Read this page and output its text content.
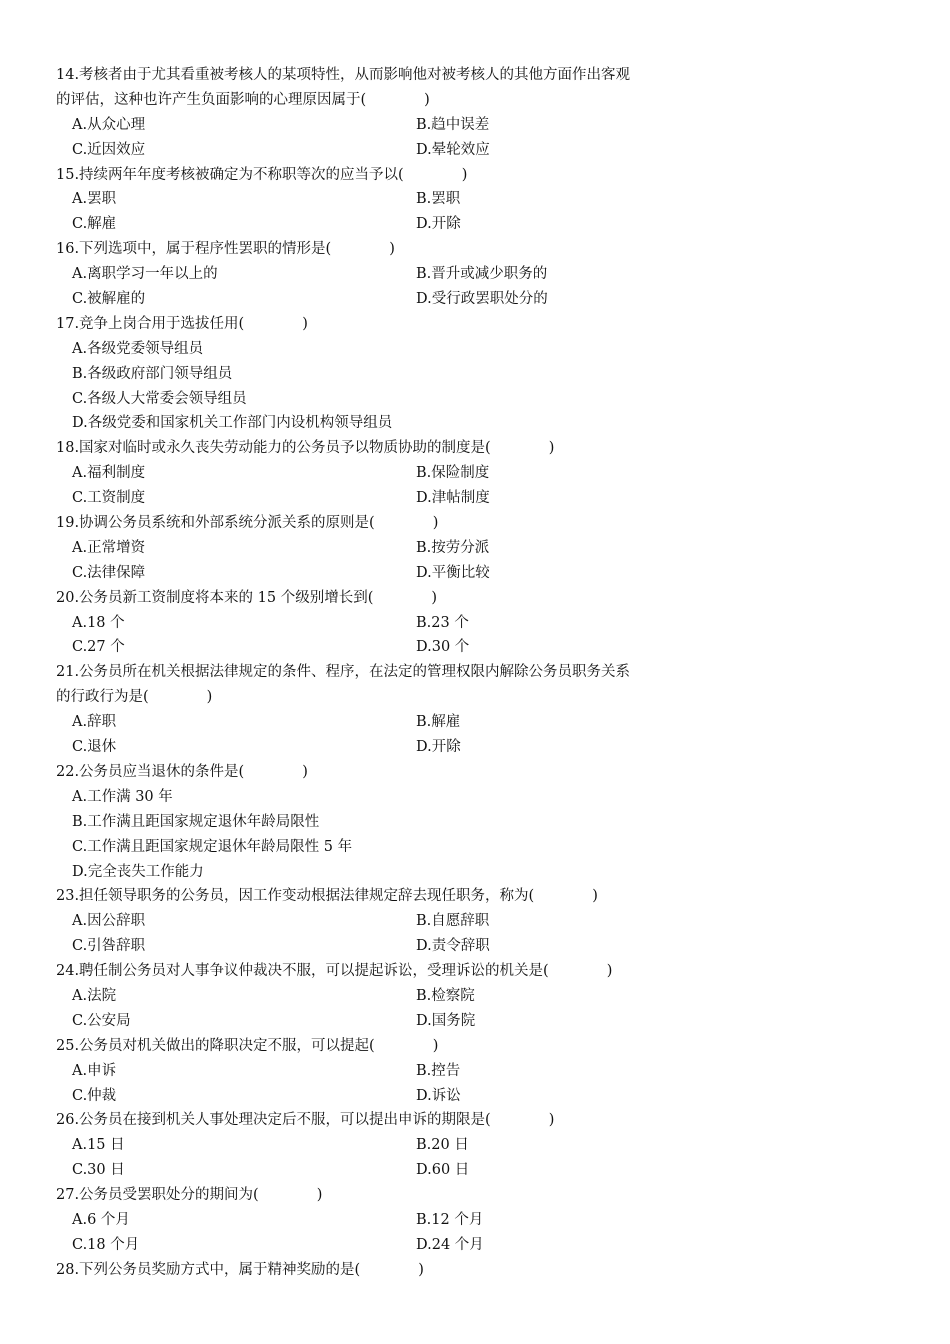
14.考核者由于尤其看重被考核人的某项特性，从而影响他对被考核人的其他方面作出客观
的评估，这种也许产生负面影响的心理原因属于(　　　　)
A.从众心理	B.趋中误差
C.近因效应	D.晕轮效应
15.持续两年年度考核被确定为不称职等次的应当予以(　　　　)
A.罢职	B.罢职
C.解雇	D.开除
16.下列选项中，属于程序性罢职的情形是(　　　　)
A.离职学习一年以上的	B.晋升或减少职务的
C.被解雇的	D.受行政罢职处分的
17.竞争上岗合用于选拔任用(　　　　)
A.各级党委领导组员
B.各级政府部门领导组员
C.各级人大常委会领导组员
D.各级党委和国家机关工作部门内设机构领导组员
18.国家对临时或永久丧失劳动能力的公务员予以物质协助的制度是(　　　　)
A.福利制度	B.保险制度
C.工资制度	D.津帖制度
19.协调公务员系统和外部系统分派关系的原则是(　　　　)
A.正常增资	B.按劳分派
C.法律保障	D.平衡比较
20.公务员新工资制度将本来的 15 个级别增长到(　　　　)
A.18 个	B.23 个
C.27 个	D.30 个
21.公务员所在机关根据法律规定的条件、程序，在法定的管理权限内解除公务员职务关系
的行政行为是(　　　　)
A.辞职	B.解雇
C.退休	D.开除
22.公务员应当退休的条件是(　　　　)
A.工作满 30 年
B.工作满且距国家规定退休年龄局限性
C.工作满且距国家规定退休年龄局限性 5 年
D.完全丧失工作能力
23.担任领导职务的公务员，因工作变动根据法律规定辞去现任职务，称为(　　　　)
A.因公辞职	B.自愿辞职
C.引咎辞职	D.责令辞职
24.聘任制公务员对人事争议仲裁决不服，可以提起诉讼，受理诉讼的机关是(　　　　)
A.法院	B.检察院
C.公安局	D.国务院
25.公务员对机关做出的降职决定不服，可以提起(　　　　)
A.申诉	B.控告
C.仲裁	D.诉讼
26.公务员在接到机关人事处理决定后不服，可以提出申诉的期限是(　　　　)
A.15 日	B.20 日
C.30 日	D.60 日
27.公务员受罢职处分的期间为(　　　　)
A.6 个月	B.12 个月
C.18 个月	D.24 个月
28.下列公务员奖励方式中，属于精神奖励的是(　　　　)
